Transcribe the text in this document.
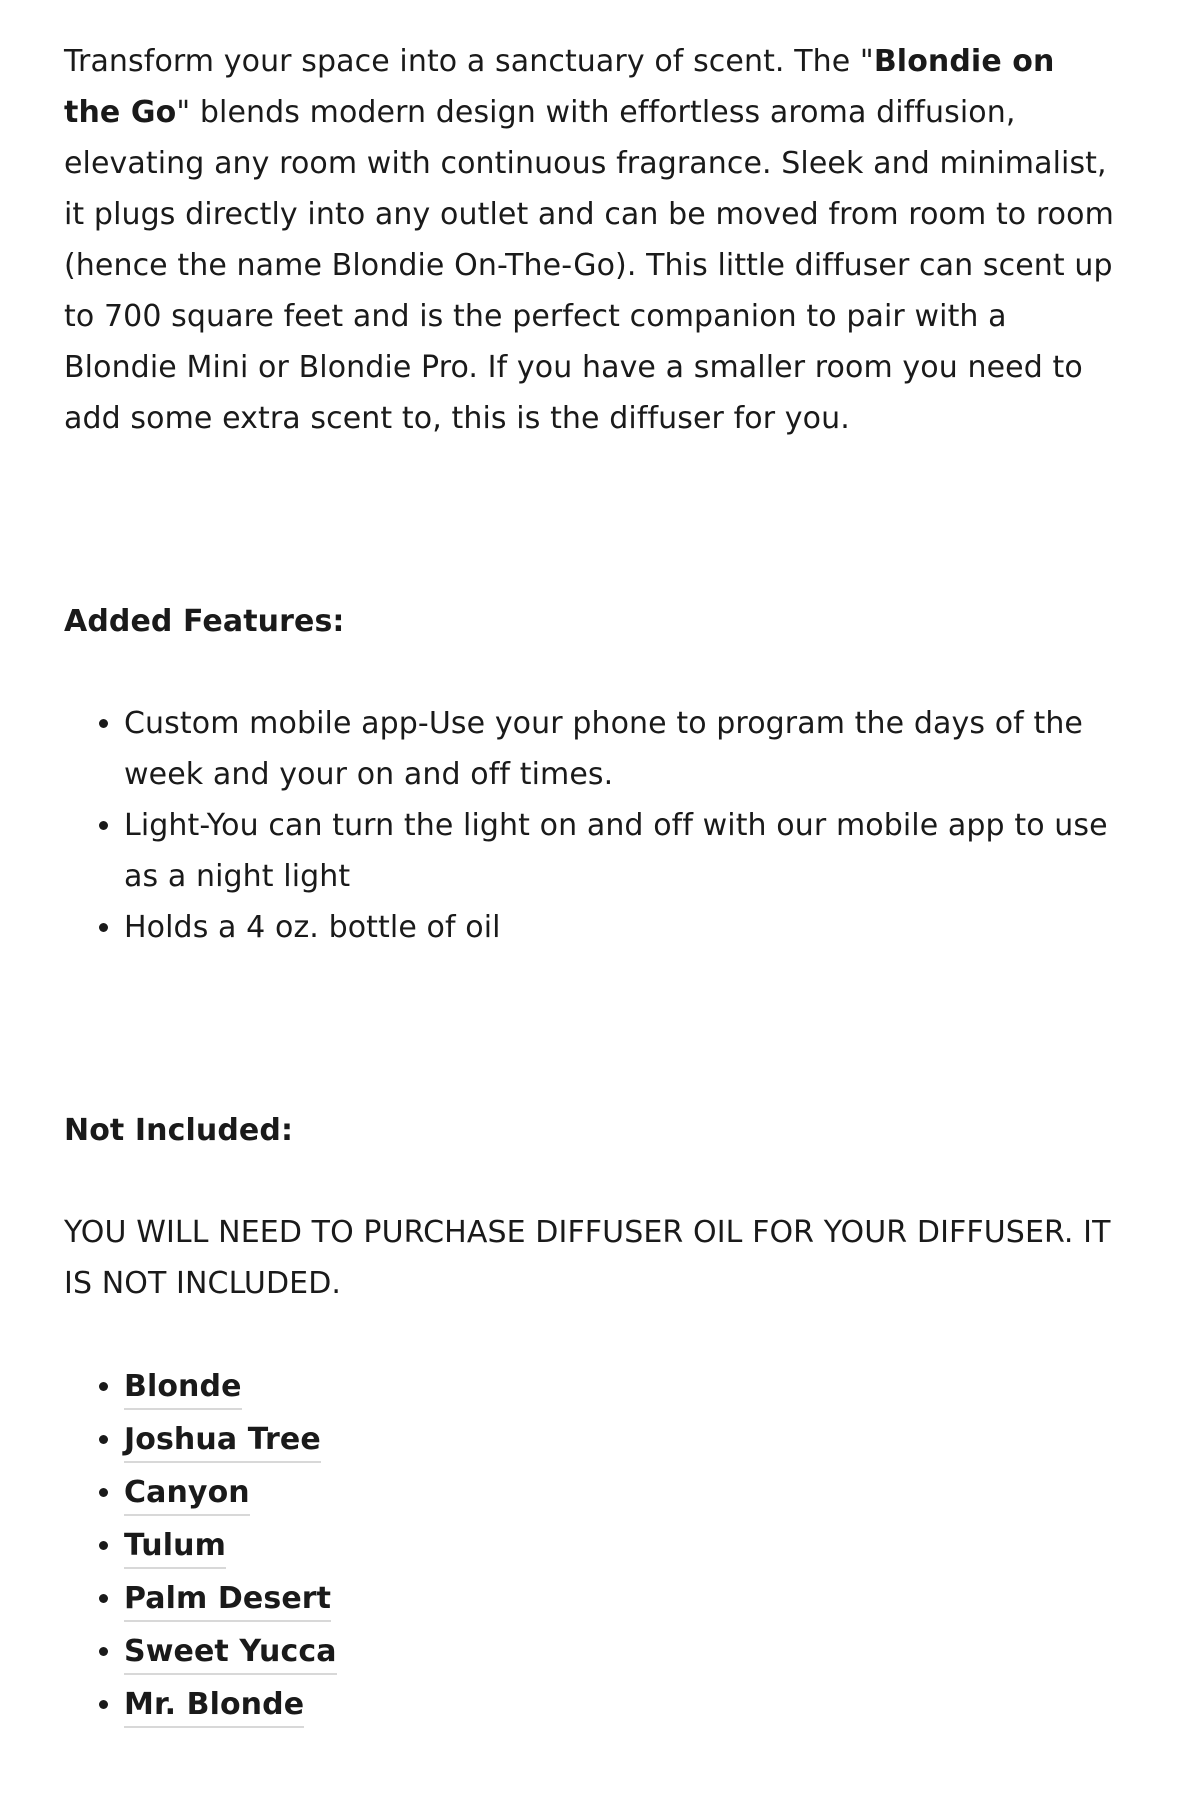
Transform your space into a sanctuary of scent. The "Blondie on the Go" blends modern design with effortless aroma diffusion, elevating any room with continuous fragrance. Sleek and minimalist, it plugs directly into any outlet and can be moved from room to room (hence the name Blondie On-The-Go). This little diffuser can scent up to 700 square feet and is the perfect companion to pair with a Blondie Mini or Blondie Pro. If you have a smaller room you need to add some extra scent to, this is the diffuser for you.

Added Features:

• Custom mobile app-Use your phone to program the days of the week and your on and off times.
• Light-You can turn the light on and off with our mobile app to use as a night light
• Holds a 4 oz. bottle of oil

Not Included:

YOU WILL NEED TO PURCHASE DIFFUSER OIL FOR YOUR DIFFUSER. IT IS NOT INCLUDED.

• Blonde
• Joshua Tree
• Canyon
• Tulum
• Palm Desert
• Sweet Yucca
• Mr. Blonde
